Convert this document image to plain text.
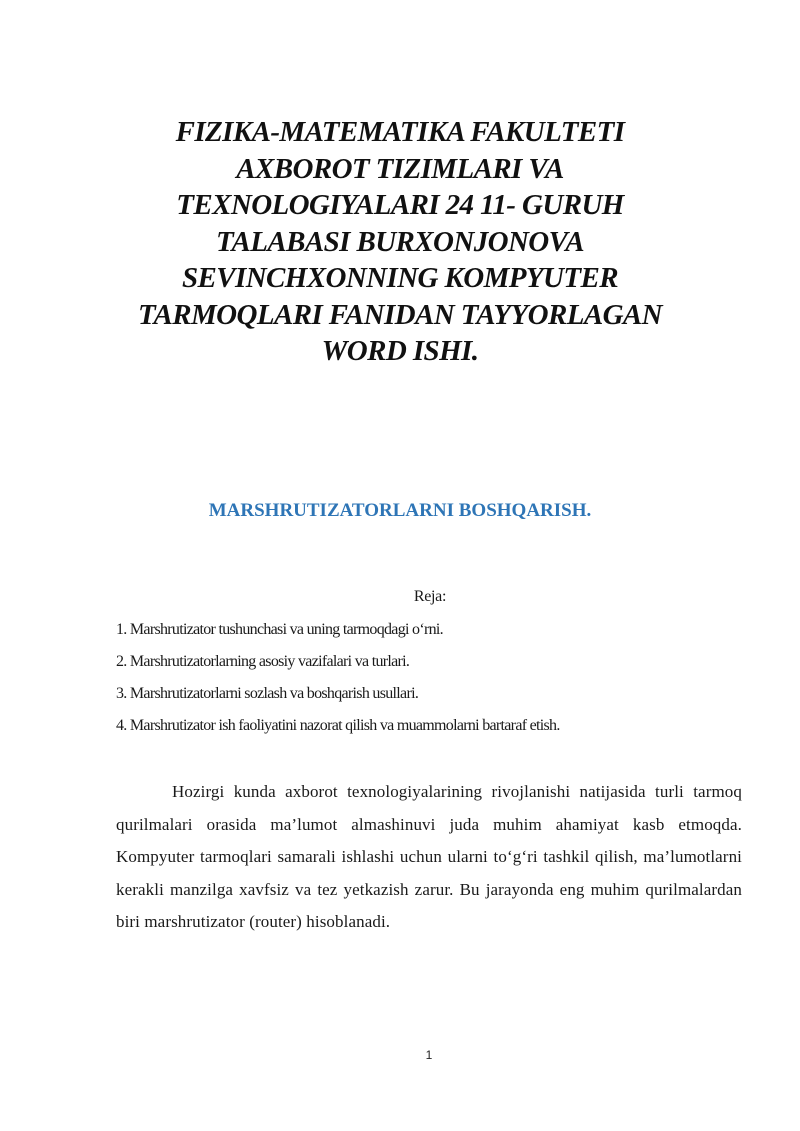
FIZIKA-MATEMATIKA FAKULTETI AXBOROT TIZIMLARI VA TEXNOLOGIYALARI 24 11- GURUH TALABASI BURXONJONOVA SEVINCHXONNING KOMPYUTER TARMOQLARI FANIDAN TAYYORLAGAN WORD ISHI.
MARSHRUTIZATORLARNI BOSHQARISH.

Reja:

1. Marshrutizator tushunchasi va uning tarmoqdagi oʻrni.
2. Marshrutizatorlarning asosiy vazifalari va turlari.
3. Marshrutizatorlarni sozlash va boshqarish usullari.
4. Marshrutizator ish faoliyatini nazorat qilish va muammolarni bartaraf etish.

Hozirgi kunda axborot texnologiyalarining rivojlanishi natijasida turli tarmoq qurilmalari orasida ma’lumot almashinuvi juda muhim ahamiyat kasb etmoqda. Kompyuter tarmoqlari samarali ishlashi uchun ularni toʻgʻri tashkil qilish, ma’lumotlarni kerakli manzilga xavfsiz va tez yetkazish zarur. Bu jarayonda eng muhim qurilmalardan biri marshrutizator (router) hisoblanadi.

1
